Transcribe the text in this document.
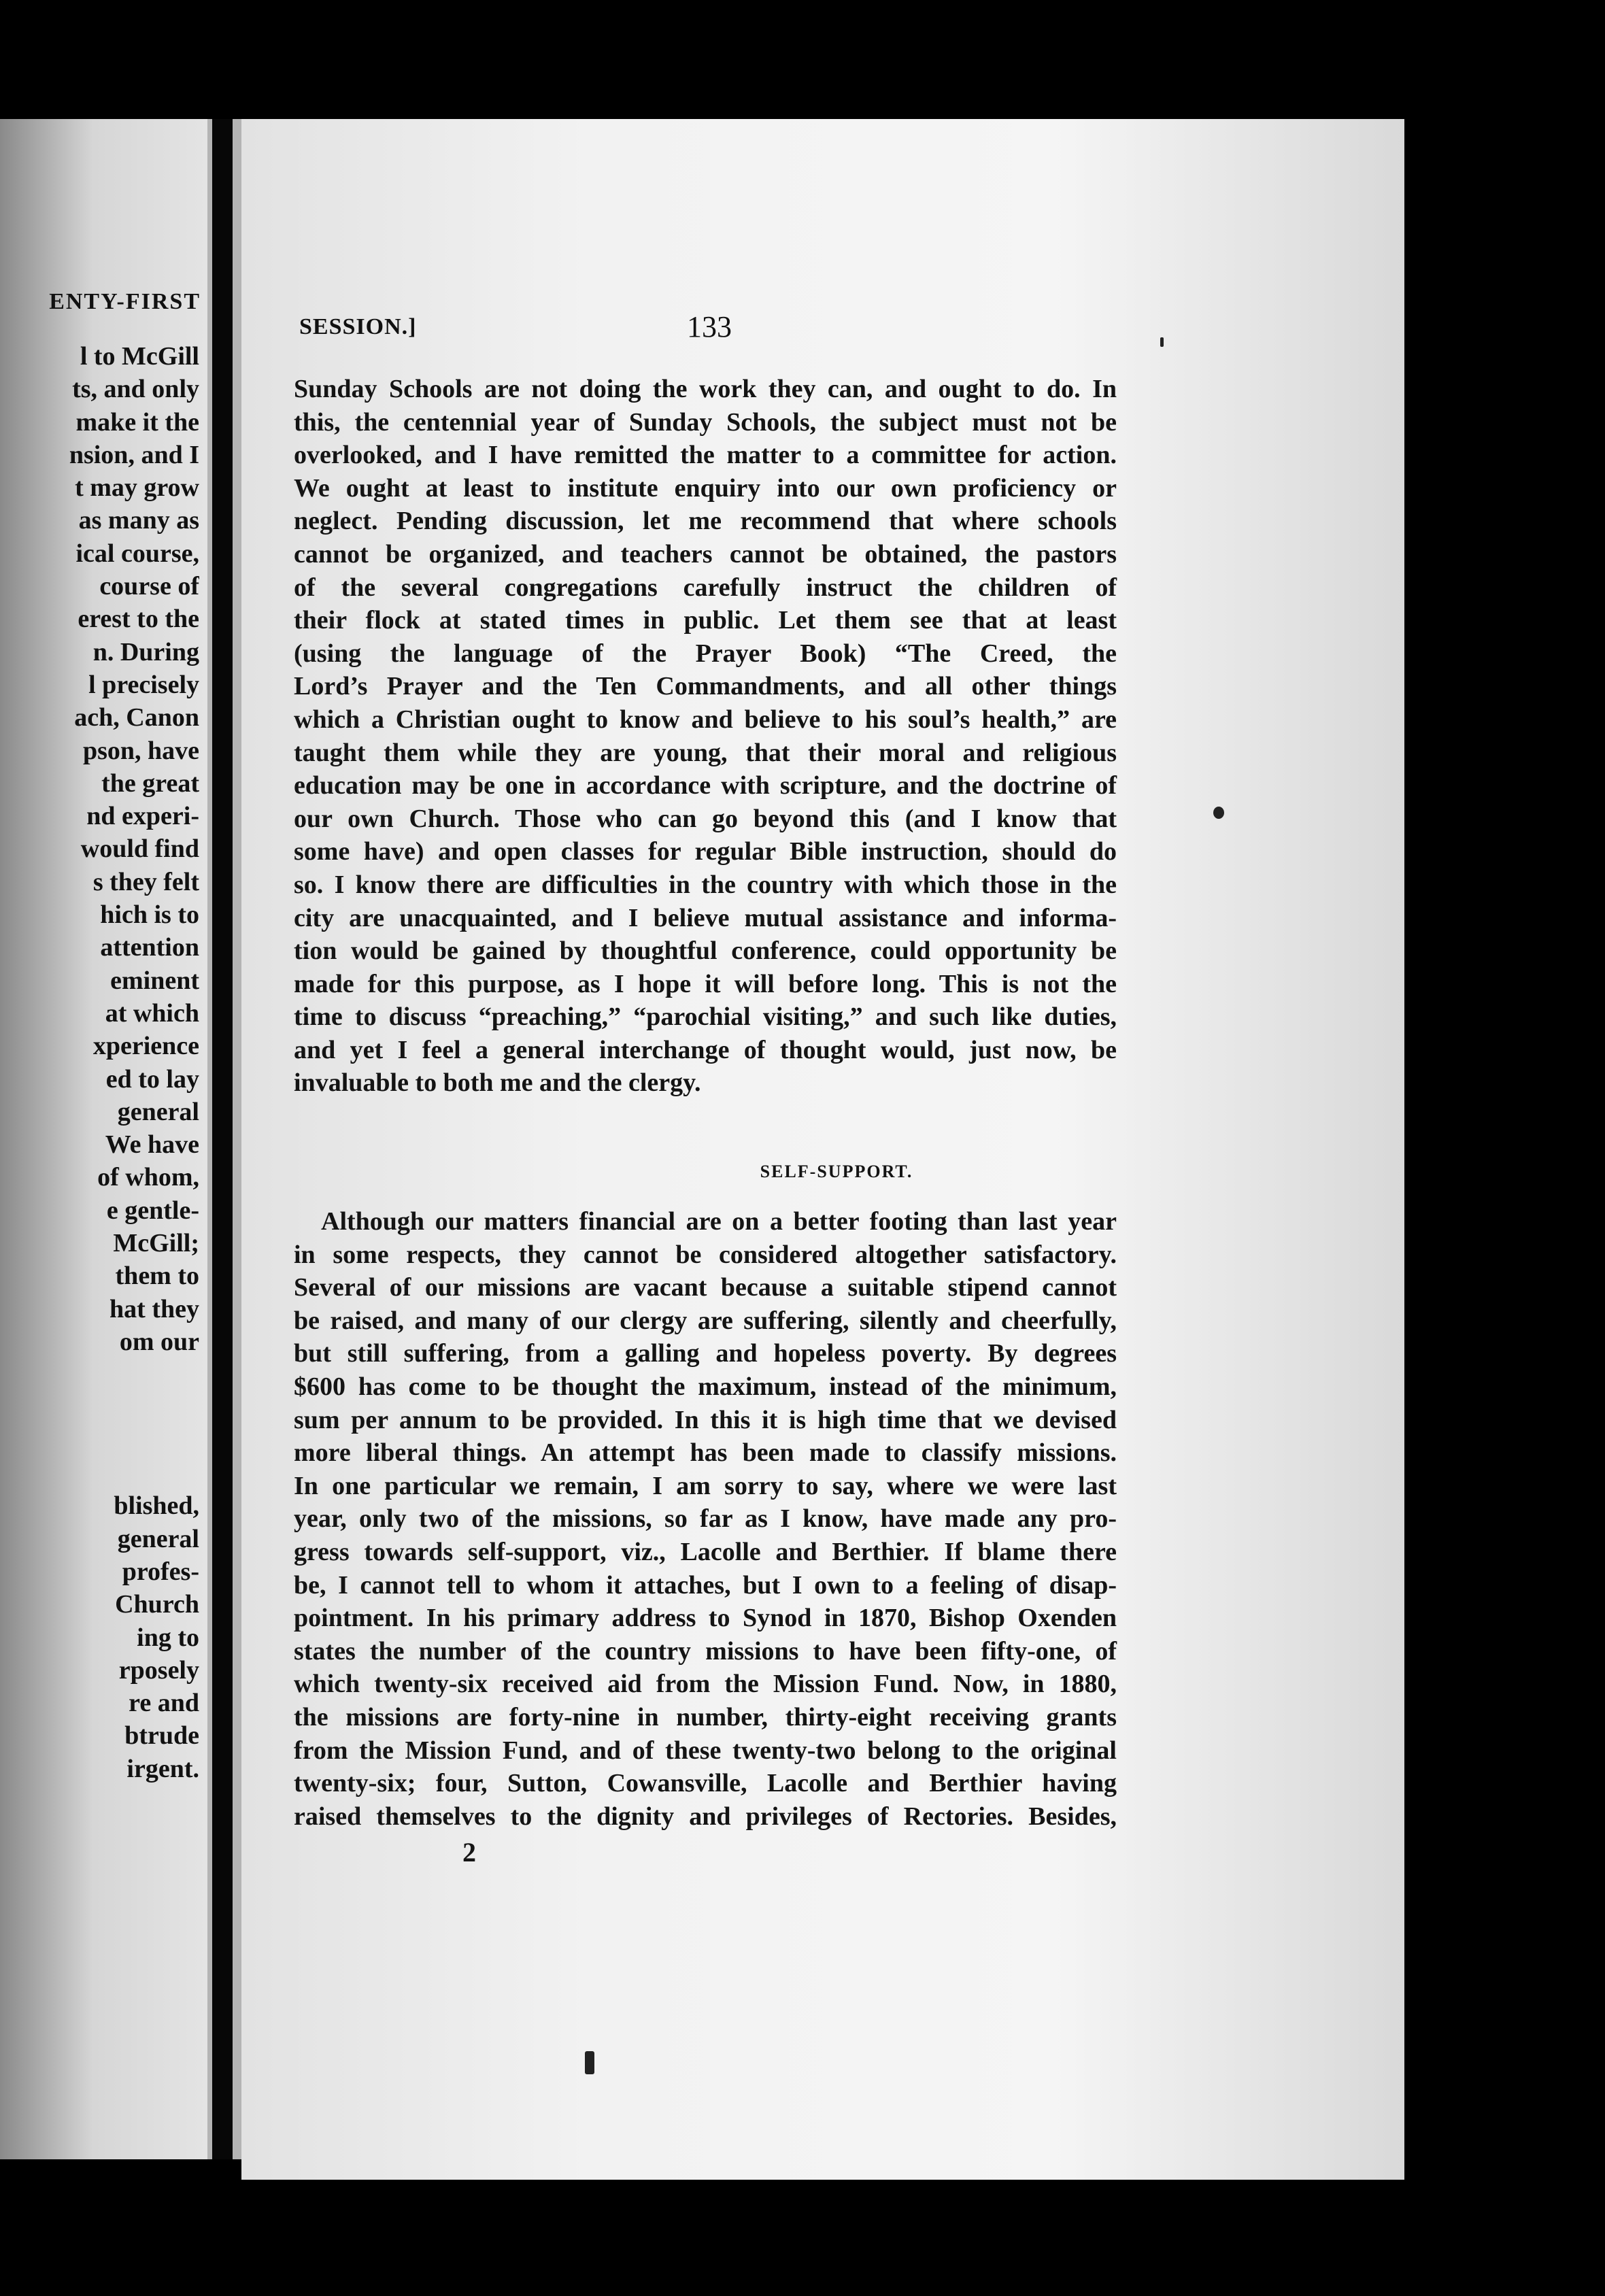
ENTY-FIRST
l to McGill
ts, and only
make it the
nsion, and I
t may grow
as many as
ical course,
course of
erest to the
n. During
l precisely
ach, Canon
pson, have
the great
nd experi-
would find
s they felt
hich is to
attention
eminent
at which
xperience
ed to lay
general
We have
of whom,
e gentle-
McGill;
them to
hat they
om our
blished,
general
profes-
Church
ing to
rposely
re and
btrude
irgent.
SESSION.]	133
Sunday Schools are not doing the work they can, and ought to do. In
this, the centennial year of Sunday Schools, the subject must not be
overlooked, and I have remitted the matter to a committee for action.
We ought at least to institute enquiry into our own proficiency or
neglect. Pending discussion, let me recommend that where schools
cannot be organized, and teachers cannot be obtained, the pastors
of the several congregations carefully instruct the children of
their flock at stated times in public. Let them see that at least
(using the language of the Prayer Book) “The Creed, the
Lord’s Prayer and the Ten Commandments, and all other things
which a Christian ought to know and believe to his soul’s health,” are
taught them while they are young, that their moral and religious
education may be one in accordance with scripture, and the doctrine of
our own Church. Those who can go beyond this (and I know that
some have) and open classes for regular Bible instruction, should do
so. I know there are difficulties in the country with which those in the
city are unacquainted, and I believe mutual assistance and informa-
tion would be gained by thoughtful conference, could opportunity be
made for this purpose, as I hope it will before long. This is not the
time to discuss “preaching,” “parochial visiting,” and such like duties,
and yet I feel a general interchange of thought would, just now, be
invaluable to both me and the clergy.
SELF-SUPPORT.
Although our matters financial are on a better footing than last year
in some respects, they cannot be considered altogether satisfactory.
Several of our missions are vacant because a suitable stipend cannot
be raised, and many of our clergy are suffering, silently and cheerfully,
but still suffering, from a galling and hopeless poverty. By degrees
$600 has come to be thought the maximum, instead of the minimum,
sum per annum to be provided. In this it is high time that we devised
more liberal things. An attempt has been made to classify missions.
In one particular we remain, I am sorry to say, where we were last
year, only two of the missions, so far as I know, have made any pro-
gress towards self-support, viz., Lacolle and Berthier. If blame there
be, I cannot tell to whom it attaches, but I own to a feeling of disap-
pointment. In his primary address to Synod in 1870, Bishop Oxenden
states the number of the country missions to have been fifty-one, of
which twenty-six received aid from the Mission Fund. Now, in 1880,
the missions are forty-nine in number, thirty-eight receiving grants
from the Mission Fund, and of these twenty-two belong to the original
twenty-six; four, Sutton, Cowansville, Lacolle and Berthier having
raised themselves to the dignity and privileges of Rectories. Besides,
2
